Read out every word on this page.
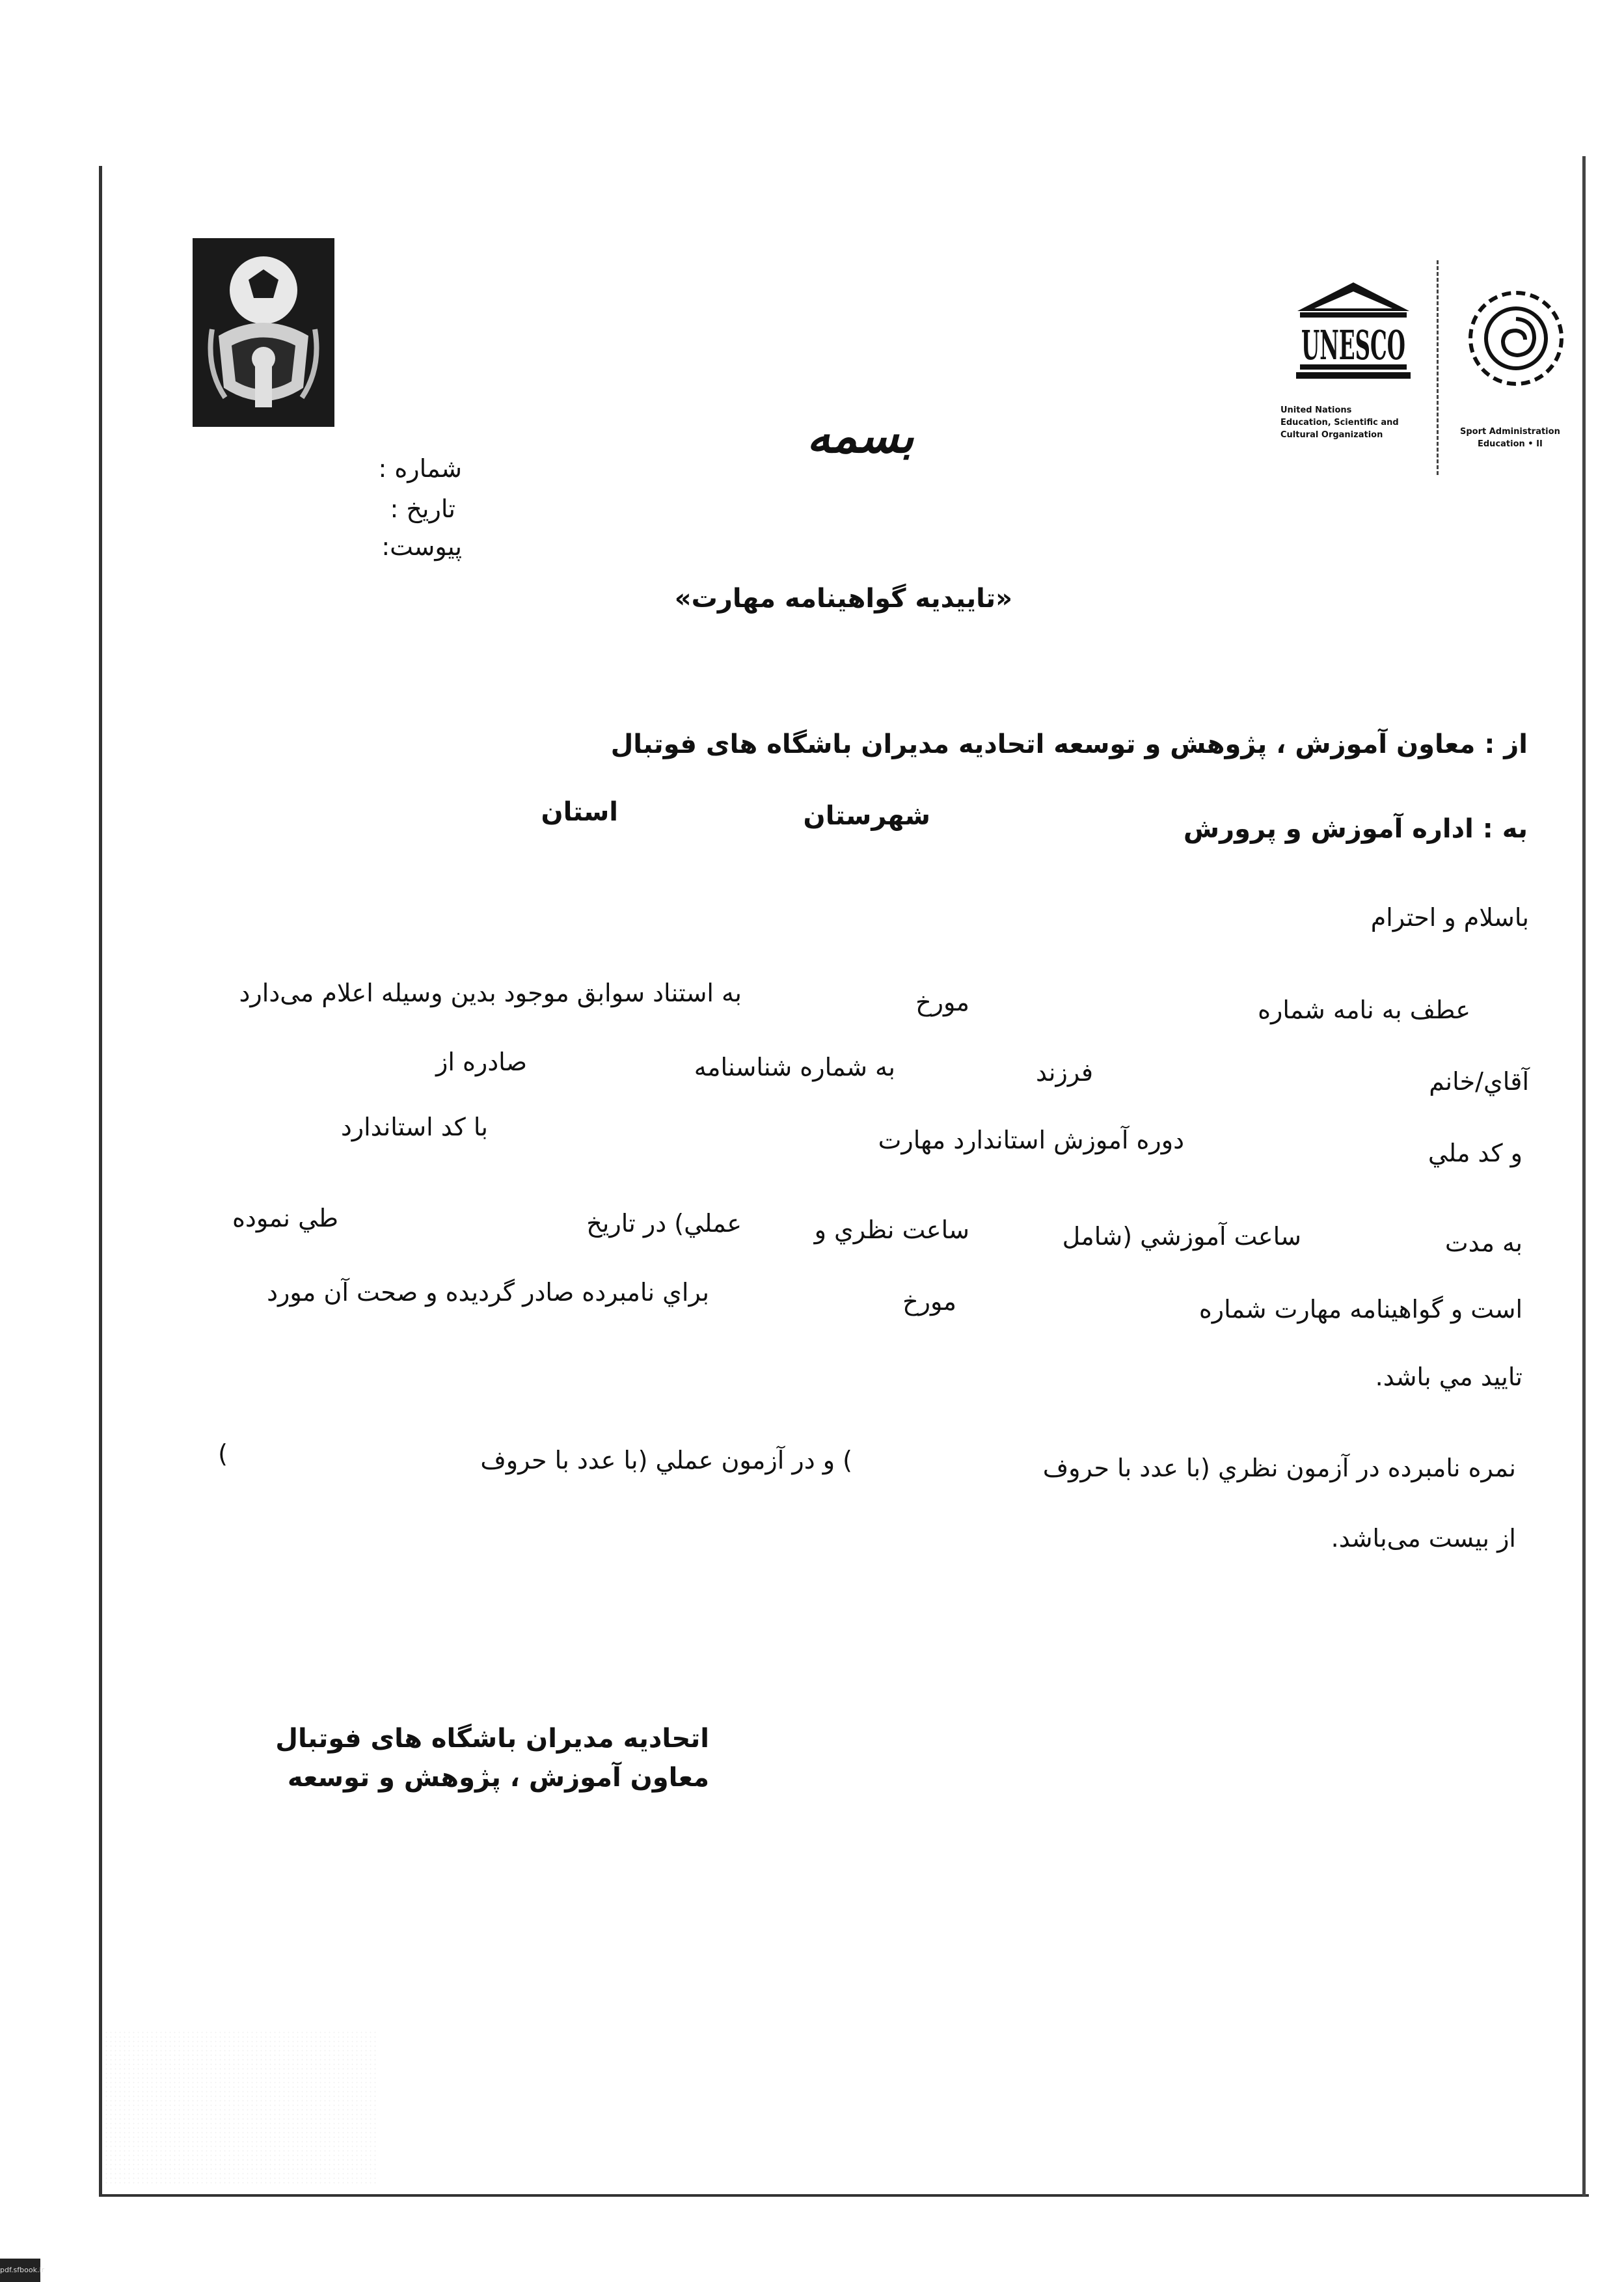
بسمه
UNESCO
United Nations
Education, Scientific and
Cultural Organization	Sport Administration
Education • II
شماره :
تاریخ :
پیوست:
«تاییدیه گواهینامه مهارت»
از : معاون آموزش ، پژوهش و توسعه اتحادیه مدیران باشگاه های فوتبال
به : اداره آموزش و پرورش
شهرستان
استان
باسلام و احترام
عطف به نامه شماره
مورخ
به استناد سوابق موجود بدین وسیله اعلام می‌دارد
آقاي/خانم
فرزند
به شماره شناسنامه
صادره از
و کد ملي
دوره آموزش استاندارد مهارت
با کد استاندارد
به مدت
ساعت آموزشي (شامل
ساعت نظري و
عملي) در تاريخ
طي نموده
است و گواهينامه مهارت شماره
مورخ
براي نامبرده صادر گرديده و صحت آن مورد
تاييد مي باشد.
نمره نامبرده در آزمون نظري (با عدد با حروف
) و در آزمون عملي (با عدد با حروف
)
از بیست می‌باشد.
اتحادیه مدیران باشگاه های فوتبال
معاون آموزش ، پژوهش و توسعه
pdf.sfbook.ir
